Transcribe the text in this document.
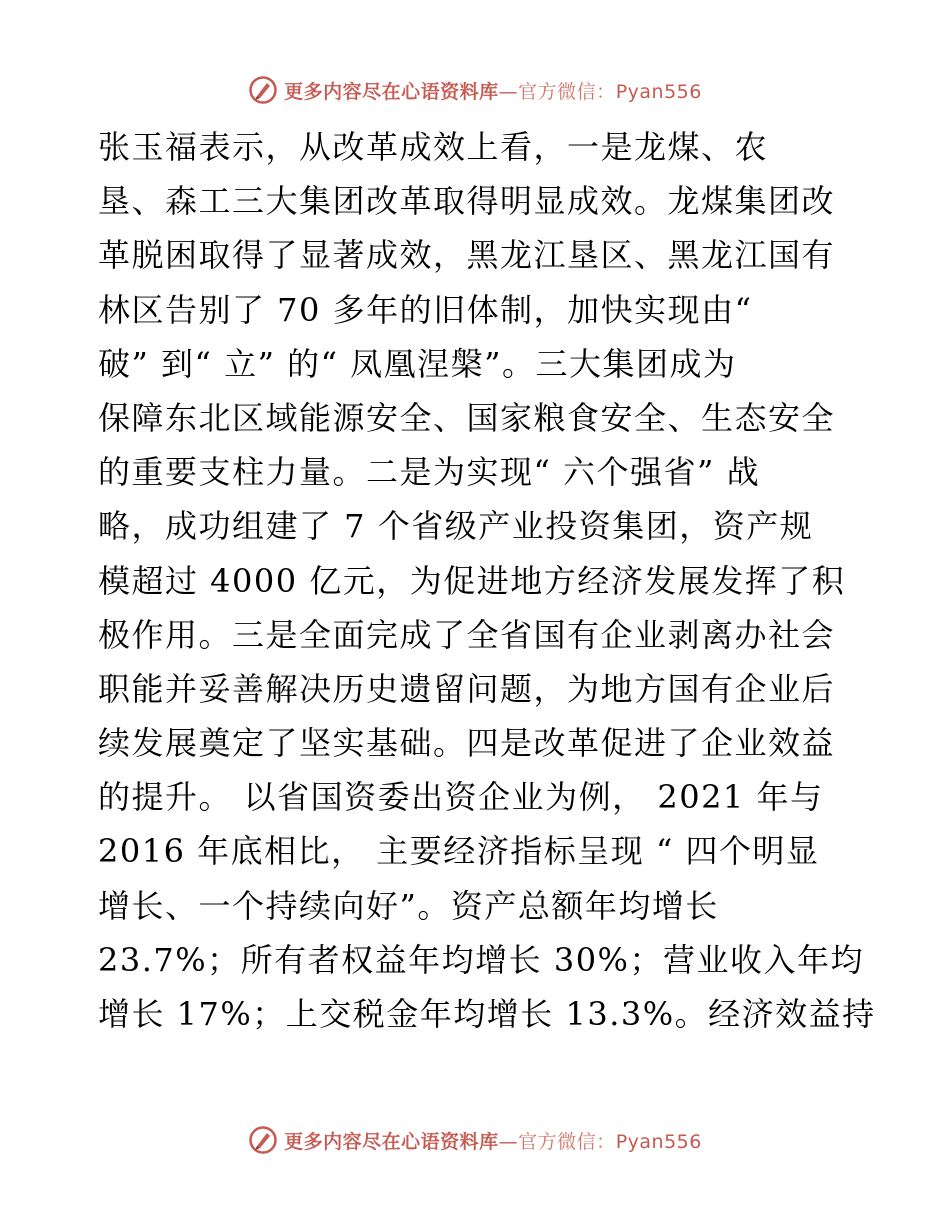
更多内容尽在心语资料库—官方微信：Pyan556
张玉福表示，从改革成效上看，一是龙煤、农
垦、森工三大集团改革取得明显成效。龙煤集团改
革脱困取得了显著成效，黑龙江垦区、黑龙江国有
林区告别了 70 多年的旧体制，加快实现由“
破” 到“ 立” 的“ 凤凰涅槃”。三大集团成为
保障东北区域能源安全、国家粮食安全、生态安全
的重要支柱力量。二是为实现“ 六个强省” 战
略，成功组建了 7 个省级产业投资集团，资产规
模超过 4000 亿元，为促进地方经济发展发挥了积
极作用。三是全面完成了全省国有企业剥离办社会
职能并妥善解决历史遗留问题，为地方国有企业后
续发展奠定了坚实基础。四是改革促进了企业效益
的提升。 以省国资委出资企业为例， 2021 年与
2016 年底相比， 主要经济指标呈现 “ 四个明显
增长、一个持续向好”。资产总额年均增长
23.7%；所有者权益年均增长 30%；营业收入年均
增长 17%；上交税金年均增长 13.3%。经济效益持
更多内容尽在心语资料库—官方微信：Pyan556
